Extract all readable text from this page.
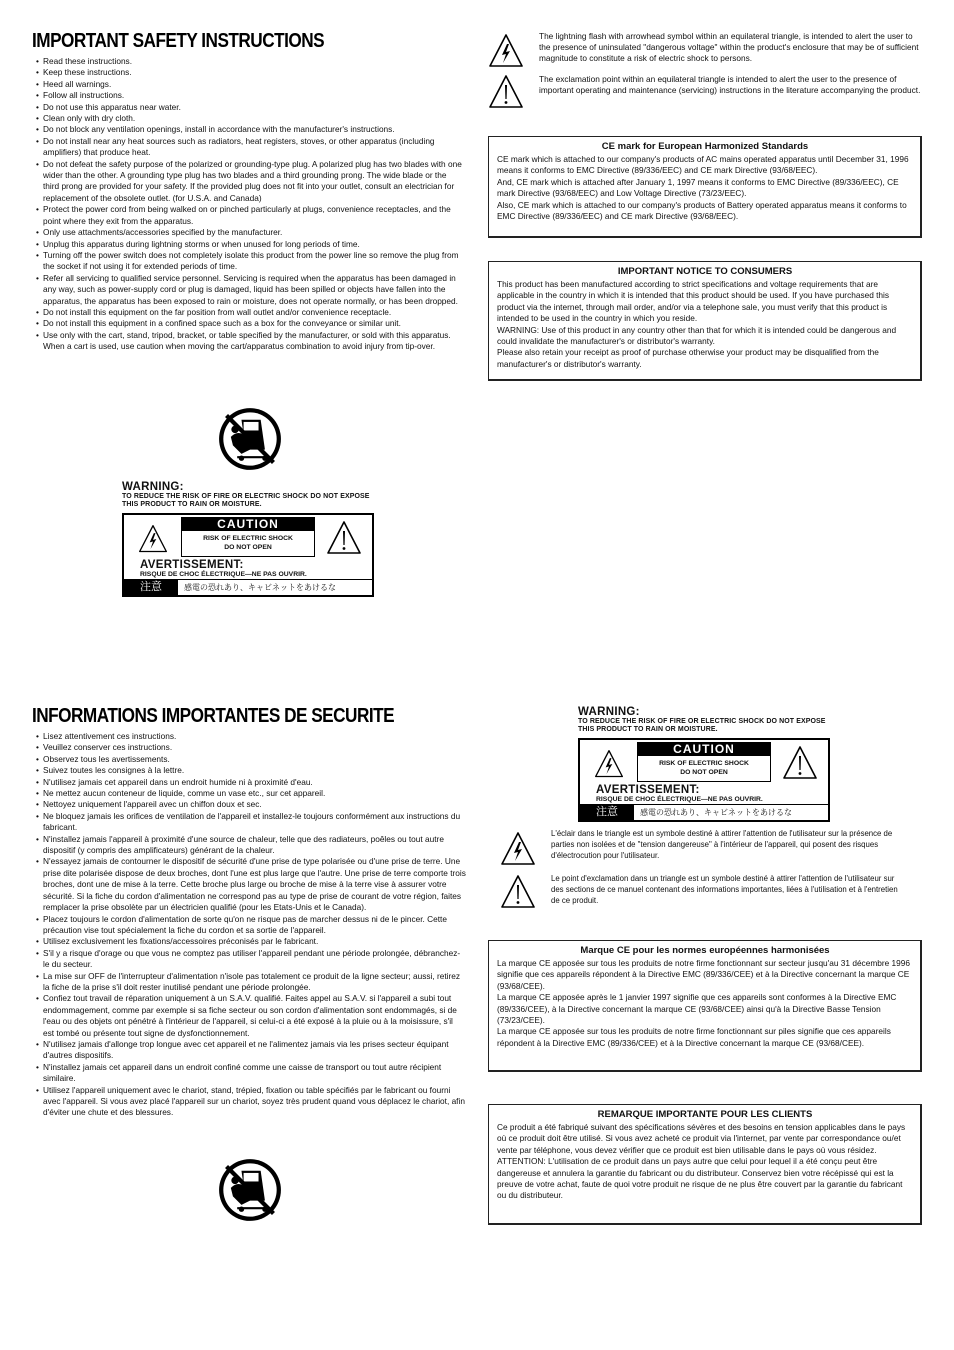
IMPORTANT SAFETY INSTRUCTIONS
• Read these instructions.
• Keep these instructions.
• Heed all warnings.
• Follow all instructions.
• Do not use this apparatus near water.
• Clean only with dry cloth.
• Do not block any ventilation openings, install in accordance with the manufacturer's instructions.
• Do not install near any heat sources such as radiators, heat registers, stoves, or other apparatus (including amplifiers) that produce heat.
• Do not defeat the safety purpose of the polarized or grounding-type plug. A polarized plug has two blades with one wider than the other. A grounding type plug has two blades and a third grounding prong. The wide blade or the third prong are provided for your safety. If the provided plug does not fit into your outlet, consult an electrician for replacement of the obsolete outlet. (for U.S.A. and Canada)
• Protect the power cord from being walked on or pinched particularly at plugs, convenience receptacles, and the point where they exit from the apparatus.
• Only use attachments/accessories specified by the manufacturer.
• Unplug this apparatus during lightning storms or when unused for long periods of time.
• Turning off the power switch does not completely isolate this product from the power line so remove the plug from the socket if not using it for extended periods of time.
• Refer all servicing to qualified service personnel. Servicing is required when the apparatus has been damaged in any way, such as power-supply cord or plug is damaged, liquid has been spilled or objects have fallen into the apparatus, the apparatus has been exposed to rain or moisture, does not operate normally, or has been dropped.
• Do not install this equipment on the far position from wall outlet and/or convenience receptacle.
• Do not install this equipment in a confined space such as a box for the conveyance or similar unit.
• Use only with the cart, stand, tripod, bracket, or table specified by the manufacturer, or sold with this apparatus. When a cart is used, use caution when moving the cart/apparatus combination to avoid injury from tip-over.
WARNING:
TO REDUCE THE RISK OF FIRE OR ELECTRIC SHOCK DO NOT EXPOSE THIS PRODUCT TO RAIN OR MOISTURE.
CAUTION
RISK OF ELECTRIC SHOCK
DO NOT OPEN
AVERTISSEMENT:
RISQUE DE CHOC ÉLECTRIQUE—NE PAS OUVRIR.
注意	感電の恐れあり、キャビネットをあけるな
The lightning flash with arrowhead symbol within an equilateral triangle, is intended to alert the user to the presence of uninsulated "dangerous voltage" within the product's enclosure that may be of sufficient magnitude to constitute a risk of electric shock to persons.
The exclamation point within an equilateral triangle is intended to alert the user to the presence of important operating and maintenance (servicing) instructions in the literature accompanying the product.
CE mark for European Harmonized Standards

CE mark which is attached to our company's products of AC mains operated apparatus until December 31, 1996 means it conforms to EMC Directive (89/336/EEC) and CE mark Directive (93/68/EEC).

And, CE mark which is attached after January 1, 1997 means it conforms to EMC Directive (89/336/EEC), CE mark Directive (93/68/EEC) and Low Voltage Directive (73/23/EEC).

Also, CE mark which is attached to our company's products of Battery operated apparatus means it conforms to EMC Directive (89/336/EEC) and CE mark Directive (93/68/EEC).

IMPORTANT NOTICE TO CONSUMERS

This product has been manufactured according to strict specifications and voltage requirements that are applicable in the country in which it is intended that this product should be used. If you have purchased this product via the internet, through mail order, and/or via a telephone sale, you must verify that this product is intended to be used in the country in which you reside.

WARNING: Use of this product in any country other than that for which it is intended could be dangerous and could invalidate the manufacturer's or distributor's warranty.

Please also retain your receipt as proof of purchase otherwise your product may be disqualified from the manufacturer's or distributor's warranty.

INFORMATIONS IMPORTANTES DE SECURITE
• Lisez attentivement ces instructions.
• Veuillez conserver ces instructions.
• Observez tous les avertissements.
• Suivez toutes les consignes à la lettre.
• N'utilisez jamais cet appareil dans un endroit humide ni à proximité d'eau.
• Ne mettez aucun conteneur de liquide, comme un vase etc., sur cet appareil.
• Nettoyez uniquement l'appareil avec un chiffon doux et sec.
• Ne bloquez jamais les orifices de ventilation de l'appareil et installez-le toujours conformément aux instructions du fabricant.
• N'installez jamais l'appareil à proximité d'une source de chaleur, telle que des radiateurs, poêles ou tout autre dispositif (y compris des amplificateurs) générant de la chaleur.
• N'essayez jamais de contourner le dispositif de sécurité d'une prise de type polarisée ou d'une prise de terre. Une prise dite polarisée dispose de deux broches, dont l'une est plus large que l'autre. Une prise de terre comporte trois broches, dont une de mise à la terre. Cette broche plus large ou broche de mise à la terre vise à assurer votre sécurité. Si la fiche du cordon d'alimentation ne correspond pas au type de prise de courant de votre région, faites remplacer la prise obsolète par un électricien qualifié (pour les Etats-Unis et le Canada).
• Placez toujours le cordon d'alimentation de sorte qu'on ne risque pas de marcher dessus ni de le pincer. Cette précaution vise tout spécialement la fiche du cordon et sa sortie de l'appareil.
• Utilisez exclusivement les fixations/accessoires préconisés par le fabricant.
• S'il y a risque d'orage ou que vous ne comptez pas utiliser l'appareil pendant une période prolongée, débranchez-le du secteur.
• La mise sur OFF de l'interrupteur d'alimentation n'isole pas totalement ce produit de la ligne secteur; aussi, retirez la fiche de la prise s'il doit rester inutilisé pendant une période prolongée.
• Confiez tout travail de réparation uniquement à un S.A.V. qualifié. Faites appel au S.A.V. si l'appareil a subi tout endommagement, comme par exemple si sa fiche secteur ou son cordon d'alimentation sont endommagés, si de l'eau ou des objets ont pénétré à l'intérieur de l'appareil, si celui-ci a été exposé à la pluie ou à la moisissure, s'il est tombé ou présente tout signe de dysfonctionnement.
• N'utilisez jamais d'allonge trop longue avec cet appareil et ne l'alimentez jamais via les prises secteur équipant d'autres dispositifs.
• N'installez jamais cet appareil dans un endroit confiné comme une caisse de transport ou tout autre récipient similaire.
• Utilisez l'appareil uniquement avec le chariot, stand, trépied, fixation ou table spécifiés par le fabricant ou fourni avec l'appareil. Si vous avez placé l'appareil sur un chariot, soyez très prudent quand vous déplacez le chariot, afin d'éviter une chute et des blessures.
WARNING:
TO REDUCE THE RISK OF FIRE OR ELECTRIC SHOCK DO NOT EXPOSE THIS PRODUCT TO RAIN OR MOISTURE.
CAUTION
RISK OF ELECTRIC SHOCK
DO NOT OPEN
AVERTISSEMENT:
RISQUE DE CHOC ÉLECTRIQUE—NE PAS OUVRIR.
注意	感電の恐れあり、キャビネットをあけるな
L'éclair dans le triangle est un symbole destiné à attirer l'attention de l'utilisateur sur la présence de parties non isolées et de "tension dangereuse" à l'intérieur de l'appareil, qui posent des risques d'électrocution pour l'utilisateur.
Le point d'exclamation dans un triangle est un symbole destiné à attirer l'attention de l'utilisateur sur des sections de ce manuel contenant des informations importantes, liées à l'utilisation et à l'entretien de ce produit.
Marque CE pour les normes européennes harmonisées

La marque CE apposée sur tous les produits de notre firme fonctionnant sur secteur jusqu'au 31 décembre 1996 signifie que ces appareils répondent à la Directive EMC (89/336/CEE) et à la Directive concernant la marque CE (93/68/CEE).

La marque CE apposée après le 1 janvier 1997 signifie que ces appareils sont conformes à la Directive EMC (89/336/CEE), à la Directive concernant la marque CE (93/68/CEE) ainsi qu'à la Directive Basse Tension (73/23/CEE).

La marque CE apposée sur tous les produits de notre firme fonctionnant sur piles signifie que ces appareils répondent à la Directive EMC (89/336/CEE) et à la Directive concernant la marque CE (93/68/CEE).

REMARQUE IMPORTANTE POUR LES CLIENTS

Ce produit a été fabriqué suivant des spécifications sévères et des besoins en tension applicables dans le pays où ce produit doit être utilisé. Si vous avez acheté ce produit via l'internet, par vente par correspondance ou/et vente par téléphone, vous devez vérifier que ce produit est bien utilisable dans le pays où vous résidez.

ATTENTION: L'utilisation de ce produit dans un pays autre que celui pour lequel il a été conçu peut être dangereuse et annulera la garantie du fabricant ou du distributeur. Conservez bien votre récépissé qui est la preuve de votre achat, faute de quoi votre produit ne risque de ne plus être couvert par la garantie du fabricant ou du distributeur.
